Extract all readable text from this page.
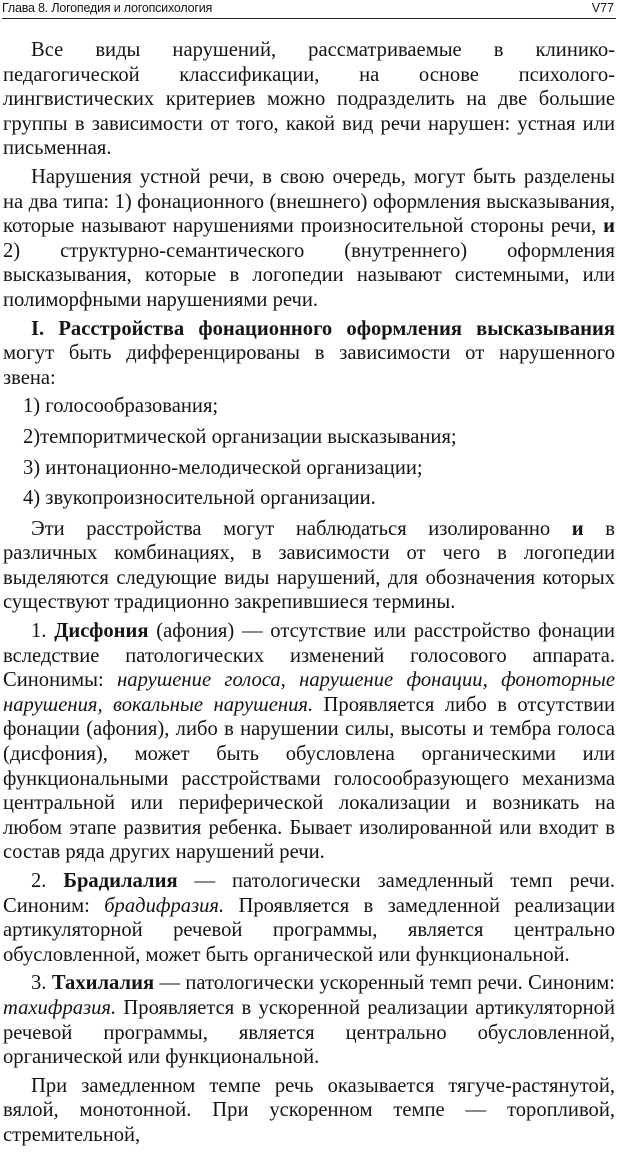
Глава 8. Логопедия и логопсихология	V77

Все виды нарушений, рассматриваемые в клинико-педагогической классификации, на основе психолого-лингвистических критериев можно подразделить на две большие группы в зависимости от того, какой вид речи нарушен: устная или письменная.

Нарушения устной речи, в свою очередь, могут быть разделены на два типа: 1) фонационного (внешнего) оформления высказывания, которые называют нарушениями произносительной стороны речи, и 2) структурно-семантического (внутреннего) оформления высказывания, которые в логопедии называют системными, или полиморфными нарушениями речи.

I. Расстройства фонационного оформления высказывания могут быть дифференцированы в зависимости от нарушенного звена:

1) голосообразования;

2)темпоритмической организации высказывания;

3) интонационно-мелодической организации;

4) звукопроизносительной организации.

Эти расстройства могут наблюдаться изолированно и в различных комбинациях, в зависимости от чего в логопедии выделяются следующие виды нарушений, для обозначения которых существуют традиционно закрепившиеся термины.

1. Дисфония (афония) — отсутствие или расстройство фонации вследствие патологических изменений голосового аппарата. Синонимы: нарушение голоса, нарушение фонации, фоноторные нарушения, вокальные нарушения. Проявляется либо в отсутствии фонации (афония), либо в нарушении силы, высоты и тембра голоса (дисфония), может быть обусловлена органическими или функциональными расстройствами голосообразующего механизма центральной или периферической локализации и возникать на любом этапе развития ребенка. Бывает изолированной или входит в состав ряда других нарушений речи.

2. Брадилалия — патологически замедленный темп речи. Синоним: брадифразия. Проявляется в замедленной реализации артикуляторной речевой программы, является центрально обусловленной, может быть органической или функциональной.

3. Тахилалия — патологически ускоренный темп речи. Синоним: тахифразия. Проявляется в ускоренной реализации артикуляторной речевой программы, является центрально обусловленной, органической или функциональной.

При замедленном темпе речь оказывается тягуче-растянутой, вялой, монотонной. При ускоренном темпе — торопливой, стремительной,
